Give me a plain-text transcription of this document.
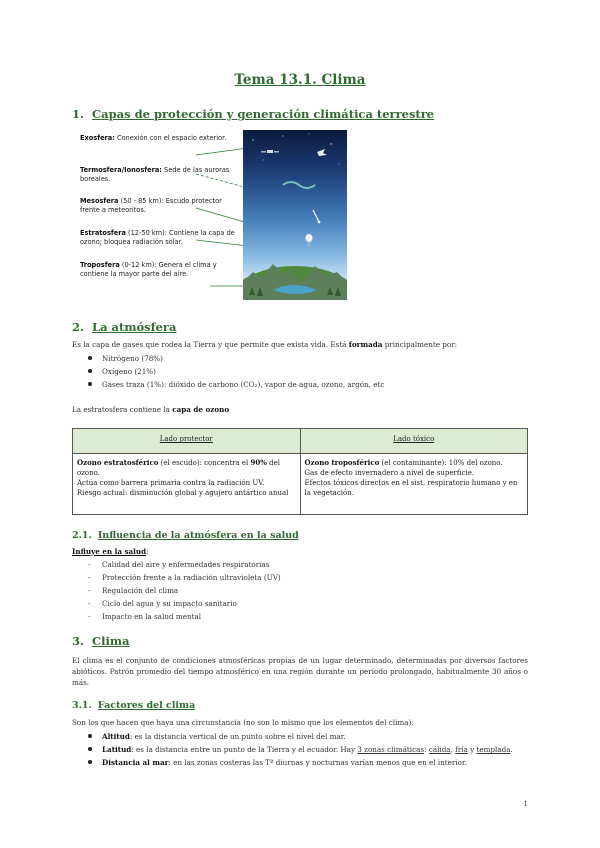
Tema 13.1. Clima
1. Capas de protección y generación climática terrestre
Exosfera: Conexión con el espacio exterior.
Termosfera/Ionosfera: Sede de las auroras boreales.
Mesosfera (50 - 85 km): Escudo protector frente a meteoritos.
Estratosfera (12-50 km): Contiene la capa de ozono; bloquea radiación solar.
Troposfera (0-12 km): Genera el clima y contiene la mayor parte del aire.
2. La atmósfera
Es la capa de gases que rodea la Tierra y que permite que exista vida. Está formada principalmente por:
Nitrógeno (78%)
Oxígeno (21%)
Gases traza (1%): dióxido de carbono (CO₂), vapor de agua, ozono, argón, etc
La estratosfera contiene la capa de ozono
Lado protector	Lado tóxico
Ozono estratosférico (el escudo): concentra el 90% del ozono.
Actúa como barrera primaria contra la radiación UV.
Riesgo actual: disminución global y agujero antártico anual	Ozono troposférico (el contaminante): 10% del ozono.
Gas de efecto invernadero a nivel de superficie.
Efectos tóxicos directos en el sist. respiratorio humano y en la vegetación.
2.1. Influencia de la atmósfera en la salud
Influye en la salud:
- Calidad del aire y enfermedades respiratorias
- Protección frente a la radiación ultravioleta (UV)
- Regulación del clima
- Ciclo del agua y su impacto sanitario
- Impacto en la salud mental
3. Clima
El clima es el conjunto de condiciones atmosféricas propias de un lugar determinado, determinadas por diversos factores abióticos. Patrón promedio del tiempo atmosférico en una región durante un periodo prolongado, habitualmente 30 años o más.
3.1. Factores del clima
Son los que hacen que haya una circunstancia (no son lo mismo que los elementos del clima):
Altitud: es la distancia vertical de un punto sobre el nivel del mar.
Latitud: es la distancia entre un punto de la Tierra y el ecuador. Hay 3 zonas climáticas: cálida, fría y templada.
Distancia al mar: en las zonas costeras las Tª diurnas y nocturnas varían menos que en el interior.
1
